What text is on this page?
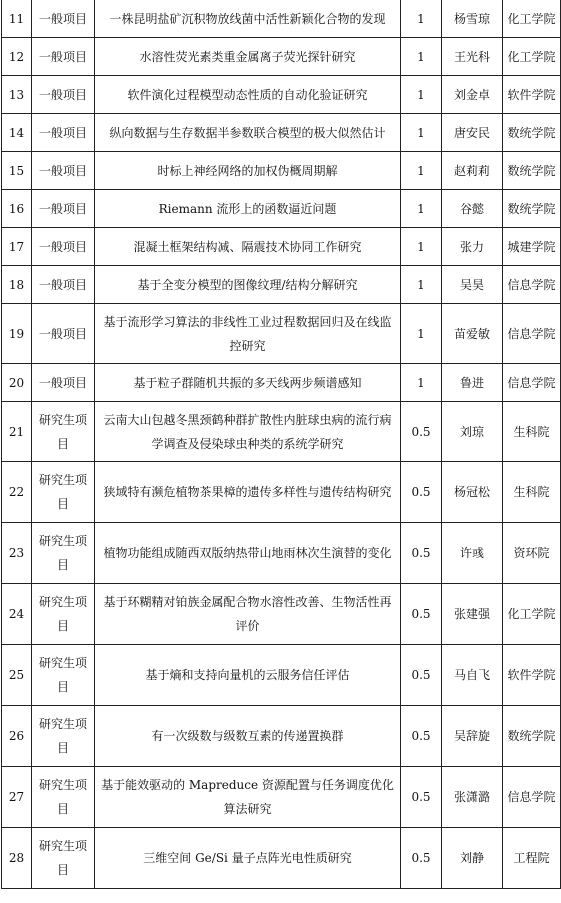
11	一般项目	一株昆明盐矿沉积物放线菌中活性新颖化合物的发现	1	杨雪琼	化工学院
12	一般项目	水溶性荧光素类重金属离子荧光探针研究	1	王光科	化工学院
13	一般项目	软件演化过程模型动态性质的自动化验证研究	1	刘金卓	软件学院
14	一般项目	纵向数据与生存数据半参数联合模型的极大似然估计	1	唐安民	数统学院
15	一般项目	时标上神经网络的加权伪概周期解	1	赵莉莉	数统学院
16	一般项目	Riemann 流形上的函数逼近问题	1	谷懿	数统学院
17	一般项目	混凝土框架结构减、隔震技术协同工作研究	1	张力	城建学院
18	一般项目	基于全变分模型的图像纹理/结构分解研究	1	吴昊	信息学院
19	一般项目	基于流形学习算法的非线性工业过程数据回归及在线监控研究	1	苗爱敏	信息学院
20	一般项目	基于粒子群随机共振的多天线两步频谱感知	1	鲁进	信息学院
21	研究生项目	云南大山包越冬黑颈鹤种群扩散性内脏球虫病的流行病学调查及侵染球虫种类的系统学研究	0.5	刘琼	生科院
22	研究生项目	狭域特有濒危植物茶果樟的遗传多样性与遗传结构研究	0.5	杨冠松	生科院
23	研究生项目	植物功能组成随西双版纳热带山地雨林次生演替的变化	0.5	许彧	资环院
24	研究生项目	基于环糊精对铂族金属配合物水溶性改善、生物活性再评价	0.5	张建强	化工学院
25	研究生项目	基于熵和支持向量机的云服务信任评估	0.5	马自飞	软件学院
26	研究生项目	有一次级数与级数互素的传递置换群	0.5	吴辞旋	数统学院
27	研究生项目	基于能效驱动的 Mapreduce 资源配置与任务调度优化算法研究	0.5	张潇潞	信息学院
28	研究生项目	三维空间 Ge/Si 量子点阵光电性质研究	0.5	刘静	工程院
